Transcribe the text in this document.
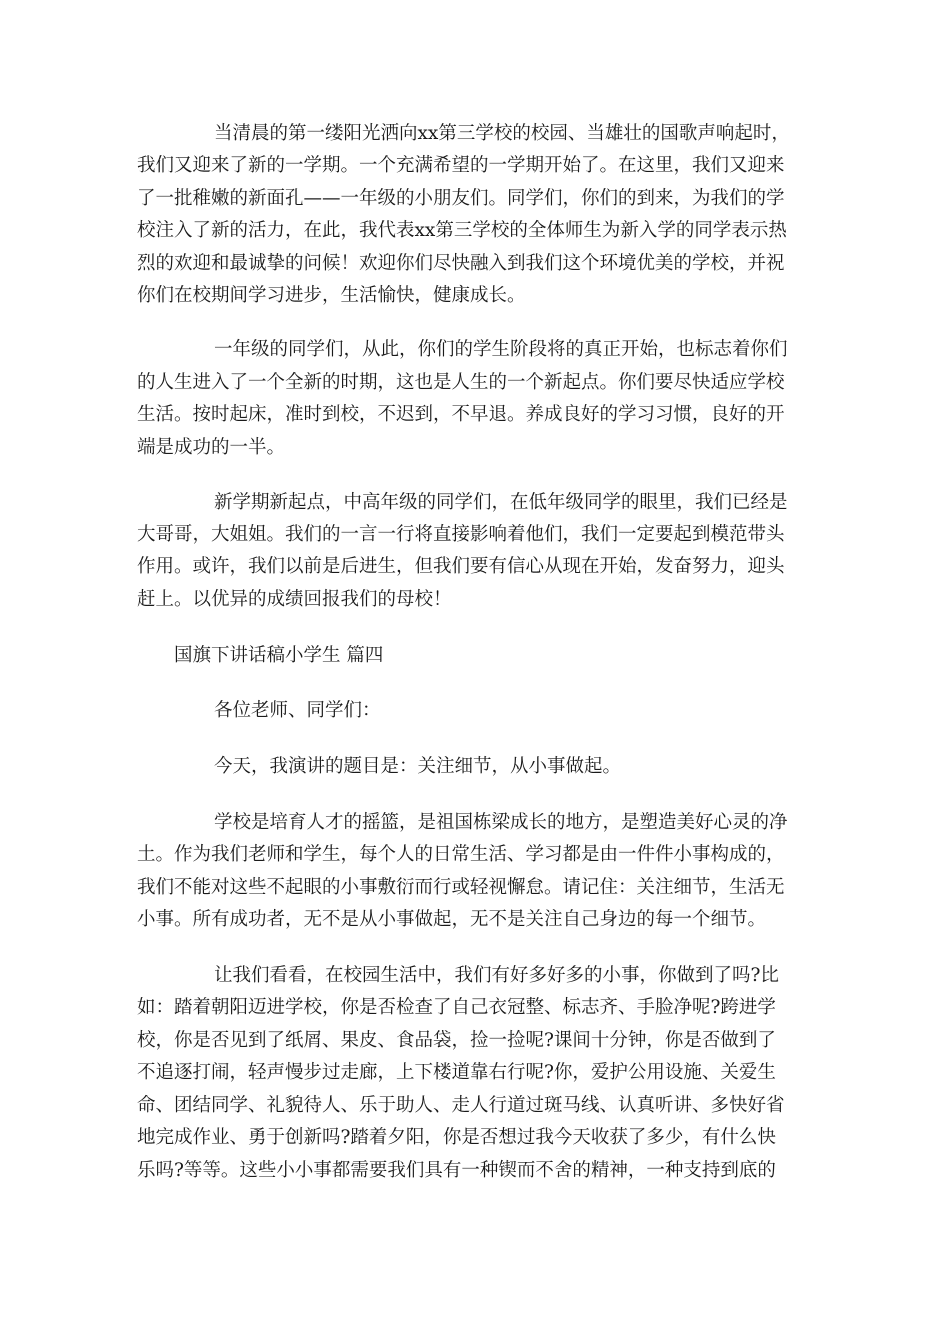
当清晨的第一缕阳光洒向xx第三学校的校园、当雄壮的国歌声响起时，

我们又迎来了新的一学期。一个充满希望的一学期开始了。在这里，我们又迎来

了一批稚嫩的新面孔——一年级的小朋友们。同学们，你们的到来，为我们的学

校注入了新的活力，在此，我代表xx第三学校的全体师生为新入学的同学表示热

烈的欢迎和最诚挚的问候！欢迎你们尽快融入到我们这个环境优美的学校，并祝

你们在校期间学习进步，生活愉快，健康成长。

一年级的同学们，从此，你们的学生阶段将的真正开始，也标志着你们

的人生进入了一个全新的时期，这也是人生的一个新起点。你们要尽快适应学校

生活。按时起床，准时到校，不迟到，不早退。养成良好的学习习惯，良好的开

端是成功的一半。

新学期新起点，中高年级的同学们，在低年级同学的眼里，我们已经是

大哥哥，大姐姐。我们的一言一行将直接影响着他们，我们一定要起到模范带头

作用。或许，我们以前是后进生，但我们要有信心从现在开始，发奋努力，迎头

赶上。以优异的成绩回报我们的母校！

国旗下讲话稿小学生 篇四

各位老师、同学们：

今天，我演讲的题目是：关注细节，从小事做起。

学校是培育人才的摇篮，是祖国栋梁成长的地方，是塑造美好心灵的净

土。作为我们老师和学生，每个人的日常生活、学习都是由一件件小事构成的，

我们不能对这些不起眼的小事敷衍而行或轻视懈怠。请记住：关注细节，生活无

小事。所有成功者，无不是从小事做起，无不是关注自己身边的每一个细节。

让我们看看，在校园生活中，我们有好多好多的小事，你做到了吗?比

如：踏着朝阳迈进学校，你是否检查了自己衣冠整、标志齐、手脸净呢?跨进学

校，你是否见到了纸屑、果皮、食品袋，捡一捡呢?课间十分钟，你是否做到了

不追逐打闹，轻声慢步过走廊，上下楼道靠右行呢?你，爱护公用设施、关爱生

命、团结同学、礼貌待人、乐于助人、走人行道过斑马线、认真听讲、多快好省

地完成作业、勇于创新吗?踏着夕阳，你是否想过我今天收获了多少，有什么快

乐吗?等等。这些小小事都需要我们具有一种锲而不舍的精神，一种支持到底的
